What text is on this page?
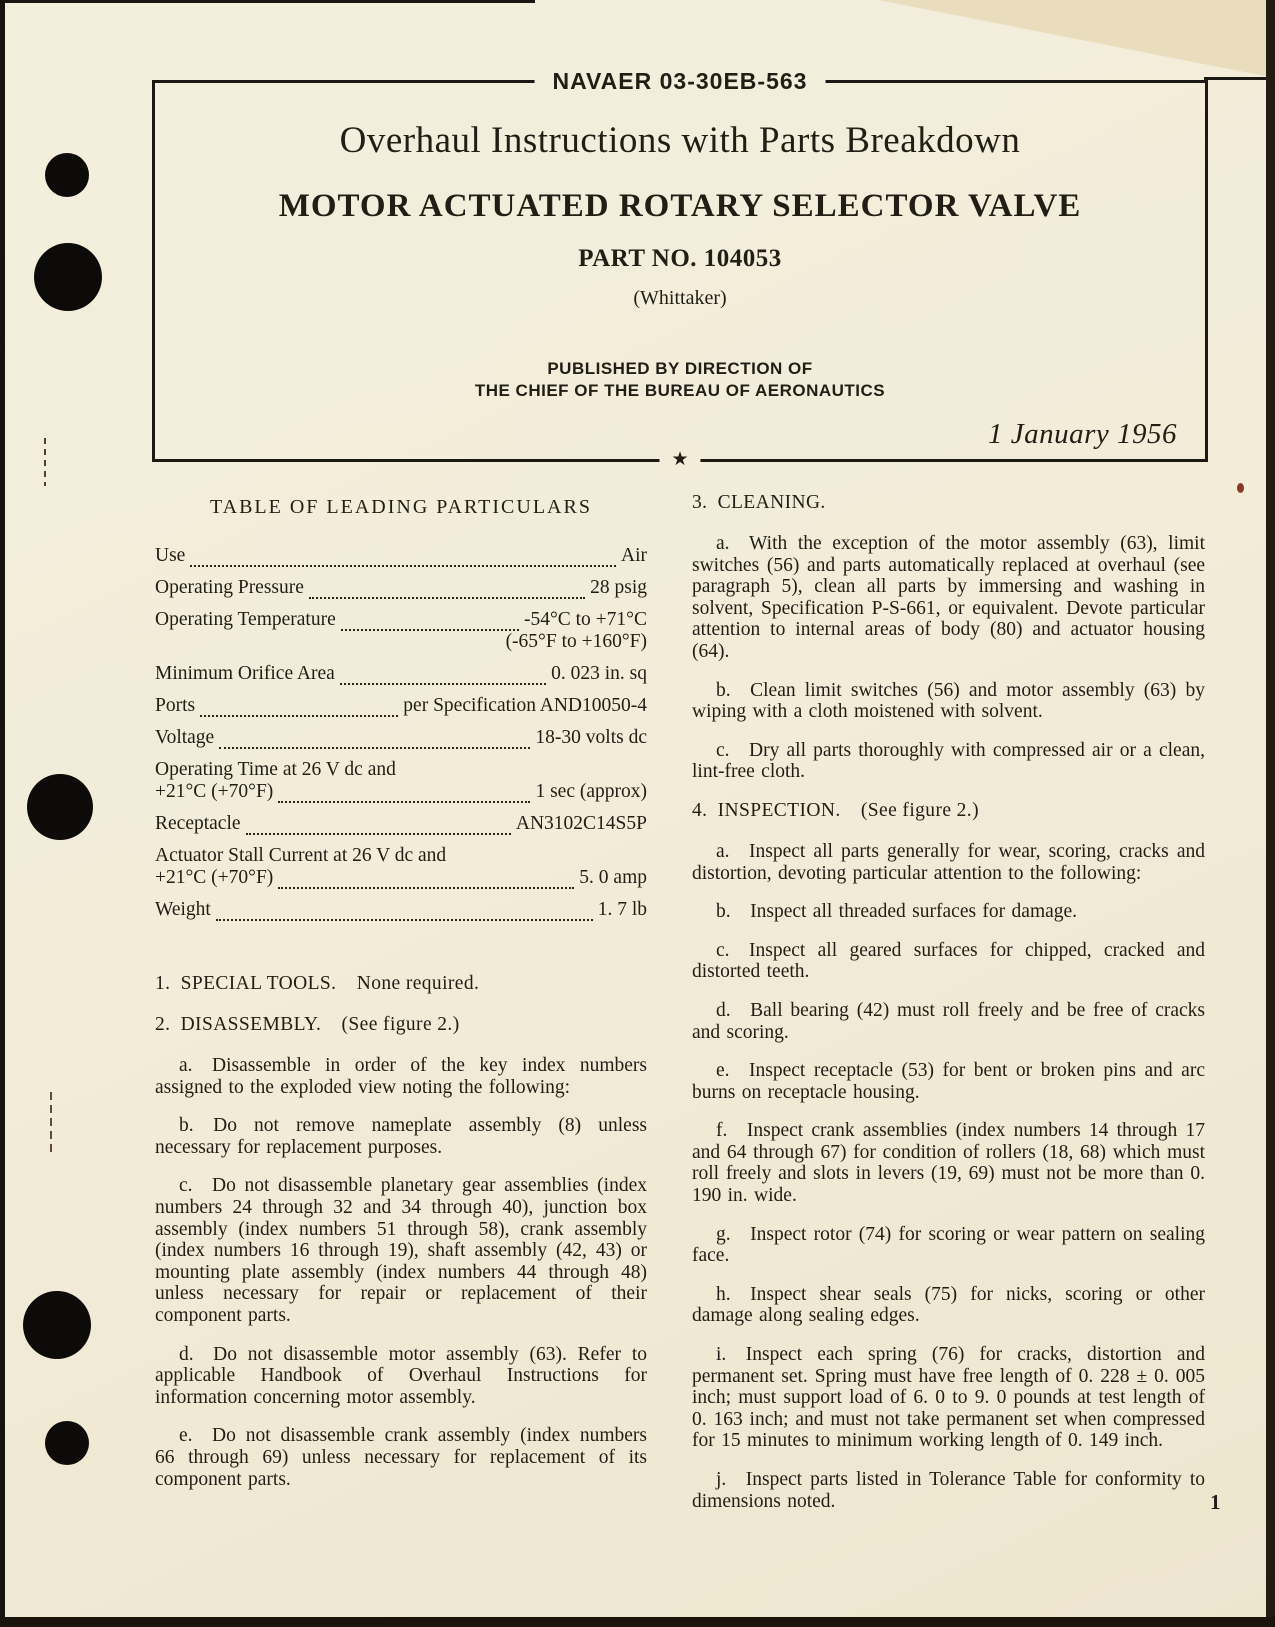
NAVAER 03-30EB-563
Overhaul Instructions with Parts Breakdown
MOTOR ACTUATED ROTARY SELECTOR VALVE
PART NO. 104053
(Whittaker)
PUBLISHED BY DIRECTION OF
THE CHIEF OF THE BUREAU OF AERONAUTICS
1 January 1956
★
TABLE OF LEADING PARTICULARS
Use	Air
Operating Pressure	28 psig
Operating Temperature	-54°C to +71°C
(-65°F to +160°F)
Minimum Orifice Area	0. 023 in. sq
Ports	per Specification AND10050-4
Voltage	18-30 volts dc
Operating Time at 26 V dc and
+21°C (+70°F)	1 sec (approx)
Receptacle	AN3102C14S5P
Actuator Stall Current at 26 V dc and
+21°C (+70°F)	5. 0 amp
Weight	1. 7 lb
1. SPECIAL TOOLS.  None required.
2. DISASSEMBLY.  (See figure 2.)

a.  Disassemble in order of the key index numbers assigned to the exploded view noting the following:

b.  Do not remove nameplate assembly (8) unless necessary for replacement purposes.

c.  Do not disassemble planetary gear assemblies (index numbers 24 through 32 and 34 through 40), junction box assembly (index numbers 51 through 58), crank assembly (index numbers 16 through 19), shaft assembly (42, 43) or mounting plate assembly (index numbers 44 through 48) unless necessary for repair or replacement of their component parts.

d.  Do not disassemble motor assembly (63). Refer to applicable Handbook of Overhaul Instructions for information concerning motor assembly.

e.  Do not disassemble crank assembly (index numbers 66 through 69) unless necessary for replacement of its component parts.

3. CLEANING.

a.  With the exception of the motor assembly (63), limit switches (56) and parts automatically replaced at overhaul (see paragraph 5), clean all parts by immersing and washing in solvent, Specification P-S-661, or equivalent. Devote particular attention to internal areas of body (80) and actuator housing (64).

b.  Clean limit switches (56) and motor assembly (63) by wiping with a cloth moistened with solvent.

c.  Dry all parts thoroughly with compressed air or a clean, lint-free cloth.

4. INSPECTION.  (See figure 2.)

a.  Inspect all parts generally for wear, scoring, cracks and distortion, devoting particular attention to the following:

b.  Inspect all threaded surfaces for damage.

c.  Inspect all geared surfaces for chipped, cracked and distorted teeth.

d.  Ball bearing (42) must roll freely and be free of cracks and scoring.

e.  Inspect receptacle (53) for bent or broken pins and arc burns on receptacle housing.

f.  Inspect crank assemblies (index numbers 14 through 17 and 64 through 67) for condition of rollers (18, 68) which must roll freely and slots in levers (19, 69) must not be more than 0. 190 in. wide.

g.  Inspect rotor (74) for scoring or wear pattern on sealing face.

h.  Inspect shear seals (75) for nicks, scoring or other damage along sealing edges.

i.  Inspect each spring (76) for cracks, distortion and permanent set. Spring must have free length of 0. 228 ± 0. 005 inch; must support load of 6. 0 to 9. 0 pounds at test length of 0. 163 inch; and must not take permanent set when compressed for 15 minutes to minimum working length of 0. 149 inch.

j.  Inspect parts listed in Tolerance Table for conformity to dimensions noted.	1
